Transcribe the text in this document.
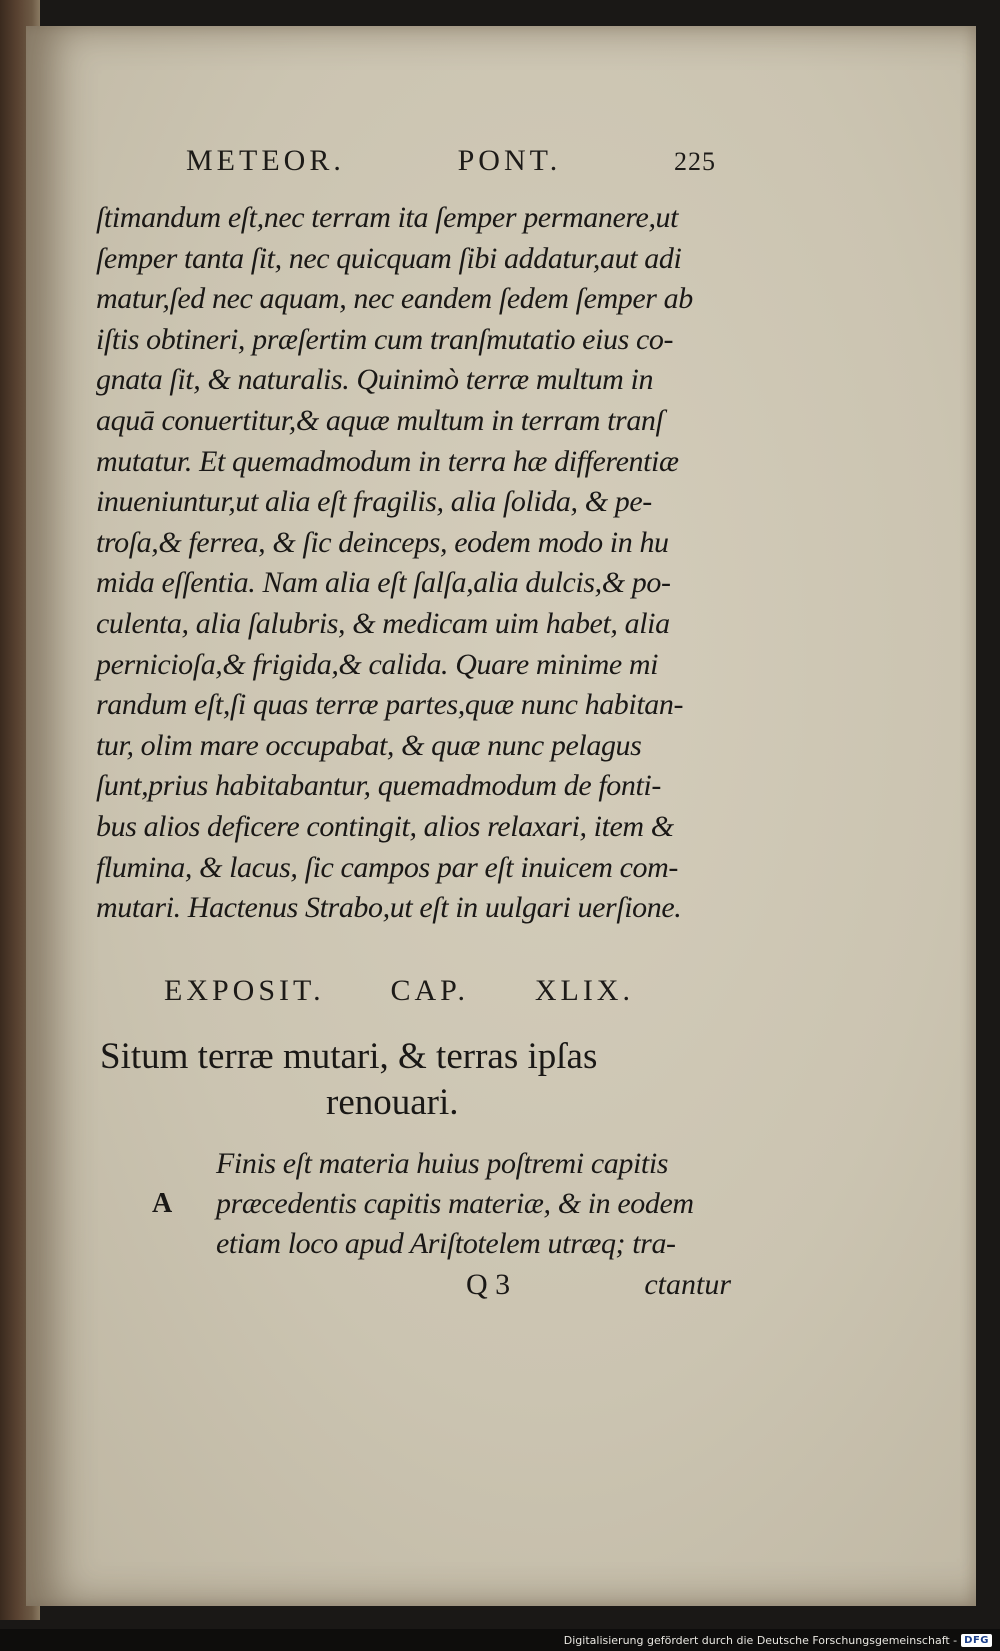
METEOR.	PONT.	225
ſtimandum eſt,nec terram ita ſemper permanere,ut
ſemper tanta ſit, nec quicquam ſibi addatur,aut adi
matur,ſed nec aquam, nec eandem ſedem ſemper ab
iſtis obtineri, præſertim cum tranſmutatio eius co-
gnata ſit, & naturalis. Quinimò terræ multum in
aquā conuertitur,& aquæ multum in terram tranſ
mutatur. Et quemadmodum in terra hæ differentiæ
inueniuntur,ut alia eſt fragilis, alia ſolida, & pe-
troſa,& ferrea, & ſic deinceps, eodem modo in hu
mida eſſentia. Nam alia eſt ſalſa,alia dulcis,& po-
culenta, alia ſalubris, & medicam uim habet, alia
pernicioſa,& frigida,& calida. Quare minime mi
randum eſt,ſi quas terræ partes,quæ nunc habitan-
tur, olim mare occupabat, & quæ nunc pelagus
ſunt,prius habitabantur, quemadmodum de fonti-
bus alios deficere contingit, alios relaxari, item &
flumina, & lacus, ſic campos par eſt inuicem com-
mutari. Hactenus Strabo,ut eſt in uulgari uerſione.
EXPOSIT. CAP. XLIX.
Situm terræ mutari, & terras ipſas
renouari.
A
Finis eſt materia huius poſtremi capitis
præcedentis capitis materiæ, & in eodem
etiam loco apud Ariſtotelem utræq; tra-
Q 3	ctantur
Digitalisierung gefördert durch die Deutsche Forschungsgemeinschaft - DFG
